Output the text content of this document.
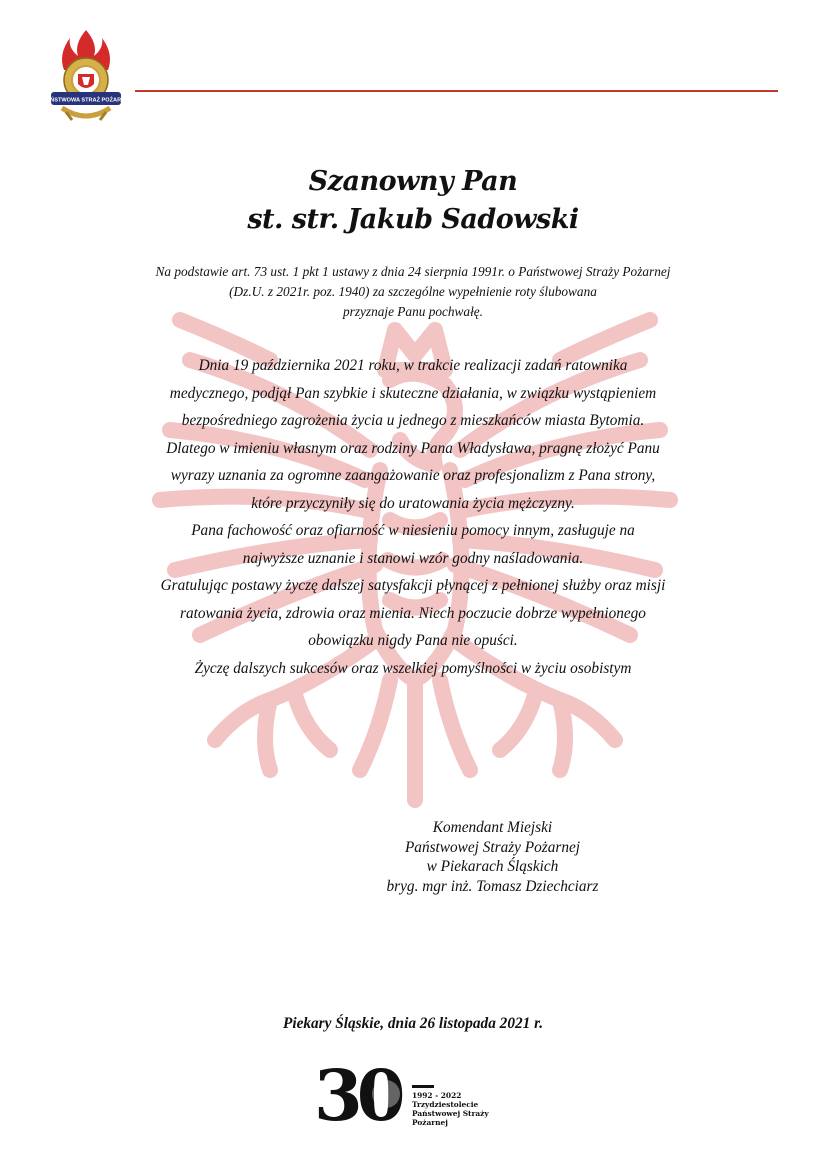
PAŃSTWOWA STRAŻ POŻARNA
Szanowny Pan
st. str. Jakub Sadowski
Na podstawie art. 73 ust. 1 pkt 1 ustawy z dnia 24 sierpnia 1991r. o Państwowej Straży Pożarnej
(Dz.U. z 2021r. poz. 1940) za szczególne wypełnienie roty ślubowana
przyznaje Panu pochwałę.
Dnia 19 października 2021 roku, w trakcie realizacji zadań ratownika
medycznego, podjął Pan szybkie i skuteczne działania, w związku wystąpieniem
bezpośredniego zagrożenia życia u jednego z mieszkańców miasta Bytomia.
Dlatego w imieniu własnym oraz rodziny Pana Władysława, pragnę złożyć Panu
wyrazy uznania za ogromne zaangażowanie oraz profesjonalizm z Pana strony,
które przyczyniły się do uratowania życia mężczyzny.
Pana fachowość oraz ofiarność w niesieniu pomocy innym, zasługuje na
najwyższe uznanie i stanowi wzór godny naśladowania.
Gratulując postawy życzę dalszej satysfakcji płynącej z pełnionej służby oraz misji
ratowania życia, zdrowia oraz mienia. Niech poczucie dobrze wypełnionego
obowiązku nigdy Pana nie opuści.
Życzę dalszych sukcesów oraz wszelkiej pomyślności w życiu osobistym
Komendant Miejski
Państwowej Straży Pożarnej
w Piekarach Śląskich
bryg. mgr inż. Tomasz Dziechciarz
Piekary Śląskie, dnia 26 listopada 2021 r.
30	1992 - 2022
Trzydziestolecie
Państwowej Straży Pożarnej
